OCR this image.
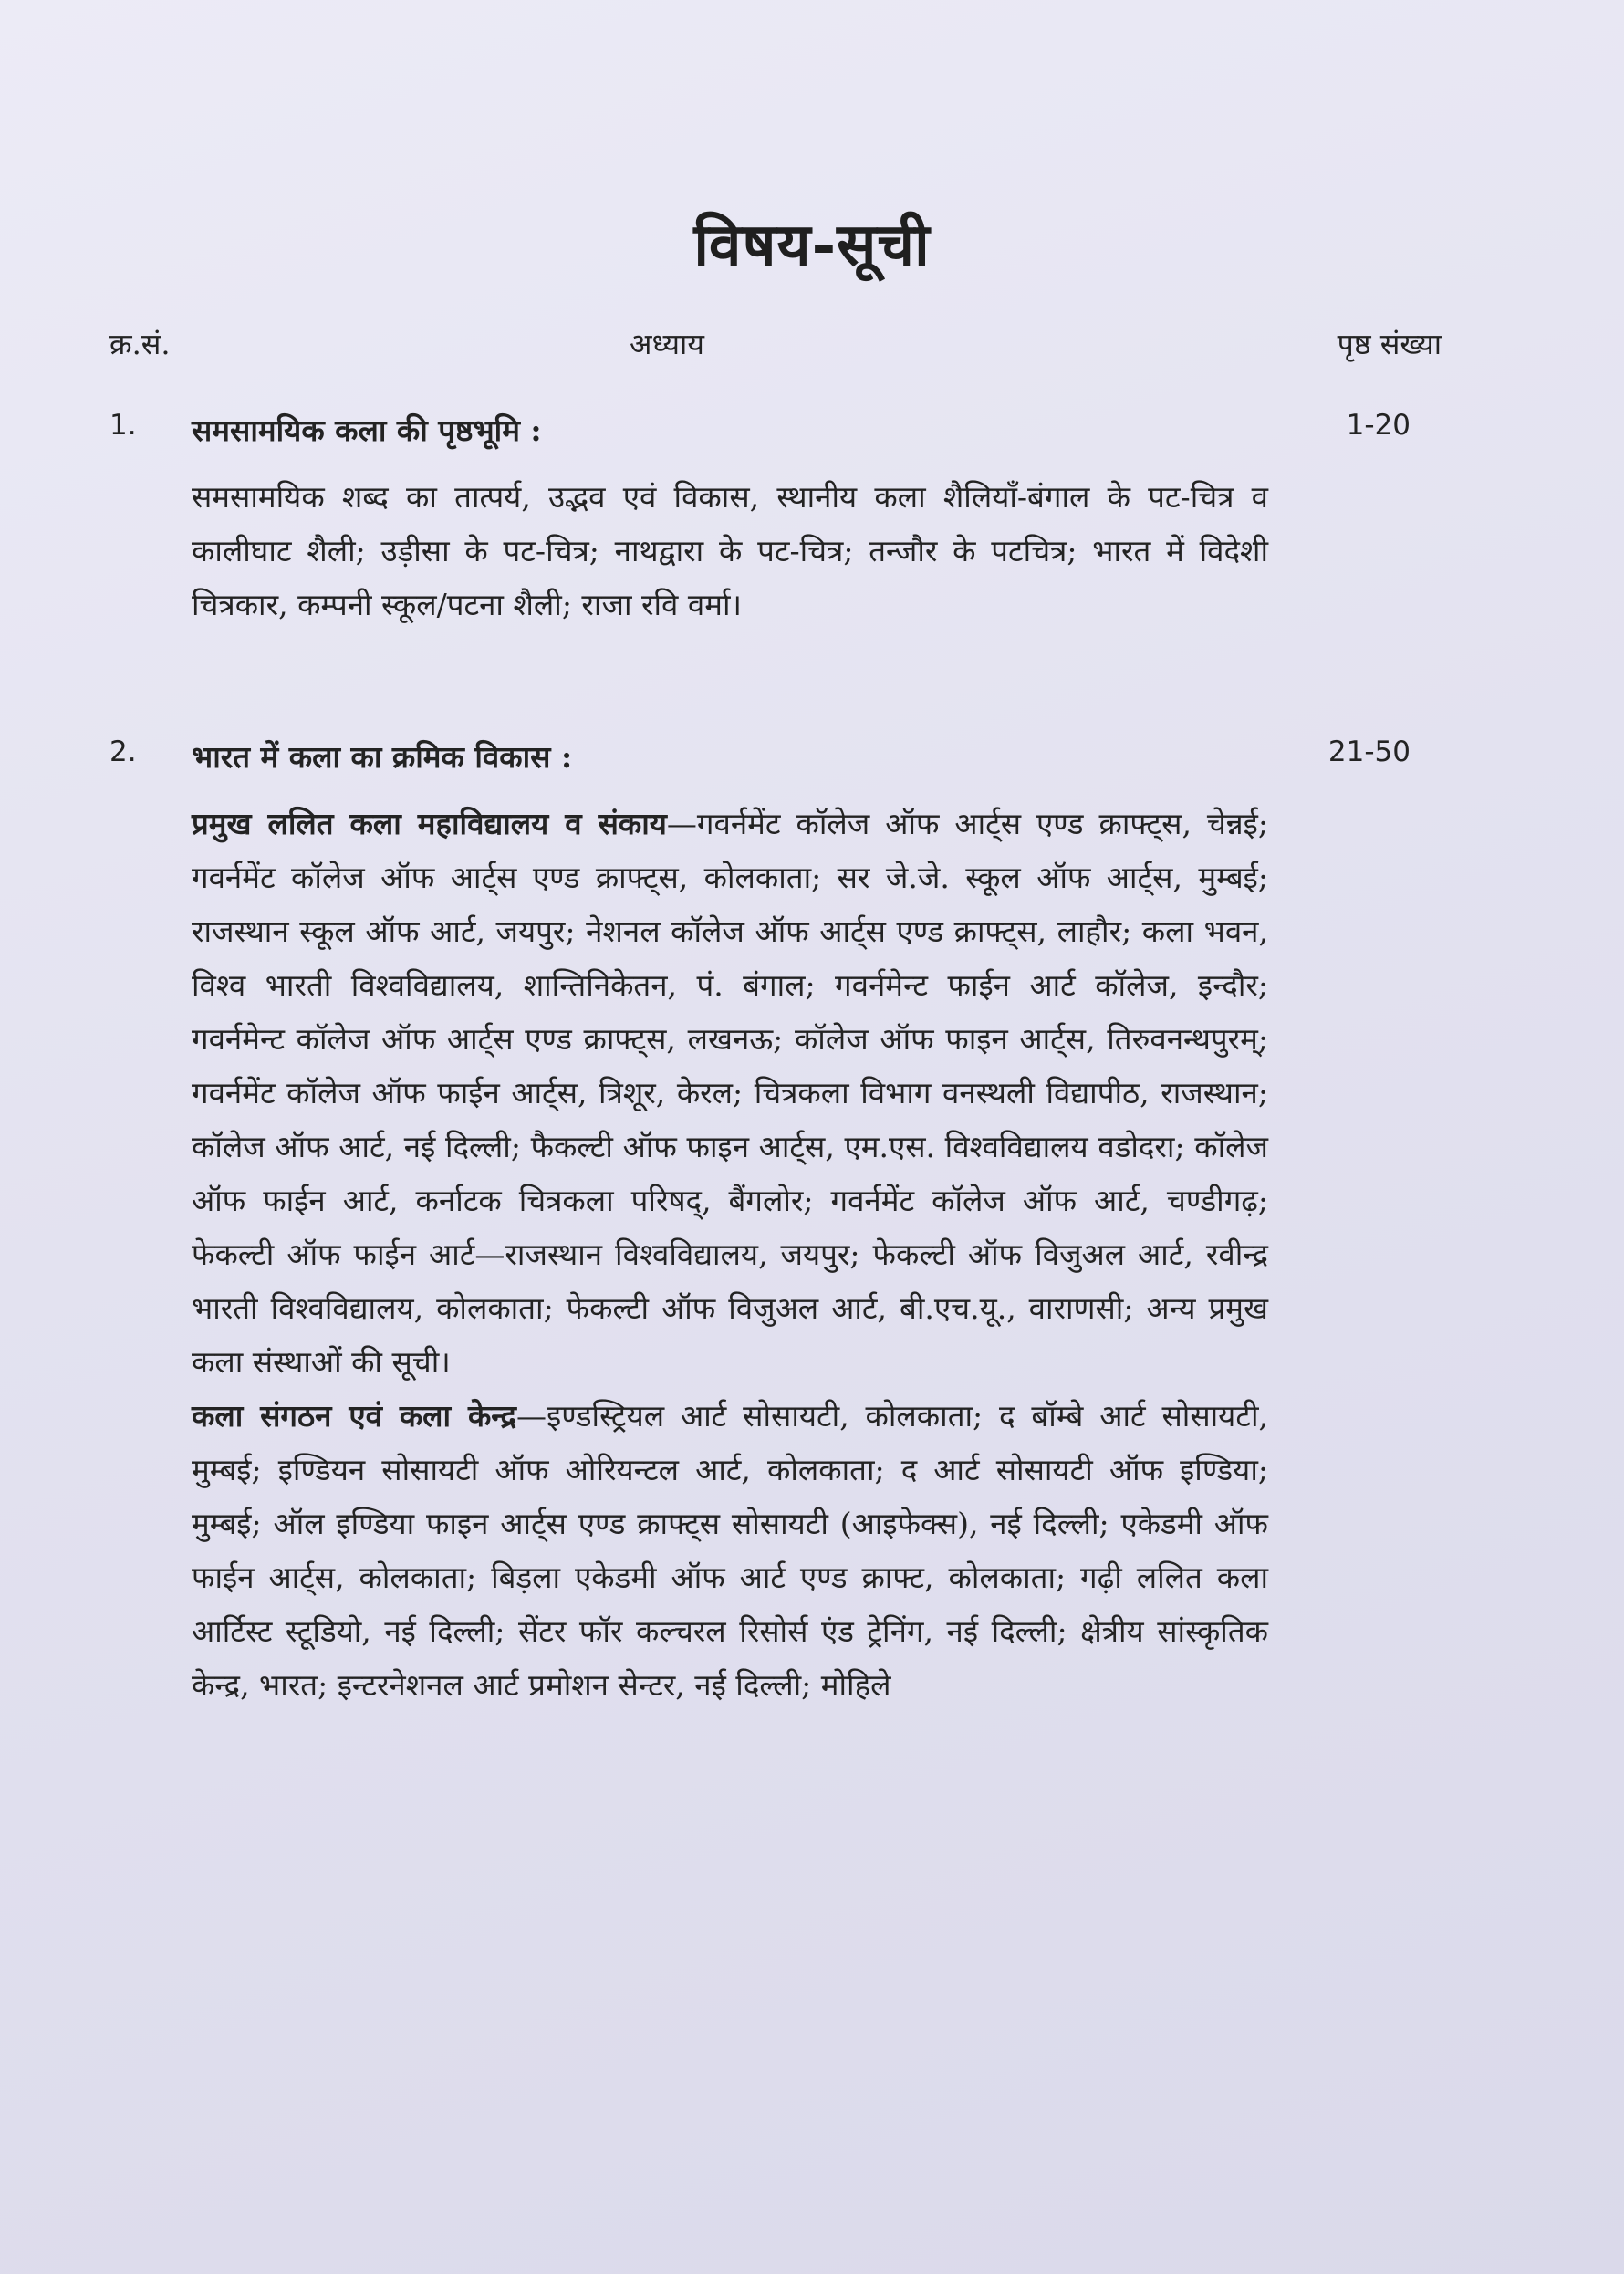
विषय-सूची
क्र.सं.	अध्याय	पृष्ठ संख्या
1. समसामयिक कला की पृष्ठभूमि :	1-20

समसामयिक शब्द का तात्पर्य, उद्भव एवं विकास, स्थानीय कला शैलियाँ-बंगाल के पट-चित्र व कालीघाट शैली; उड़ीसा के पट-चित्र; नाथद्वारा के पट-चित्र; तन्जौर के पटचित्र; भारत में विदेशी चित्रकार, कम्पनी स्कूल/पटना शैली; राजा रवि वर्मा।

2. भारत में कला का क्रमिक विकास :	21-50

प्रमुख ललित कला महाविद्यालय व संकाय—गवर्नमेंट कॉलेज ऑफ आर्ट्स एण्ड क्राफ्ट्स, चेन्नई; गवर्नमेंट कॉलेज ऑफ आर्ट्स एण्ड क्राफ्ट्स, कोलकाता; सर जे.जे. स्कूल ऑफ आर्ट्स, मुम्बई; राजस्थान स्कूल ऑफ आर्ट, जयपुर; नेशनल कॉलेज ऑफ आर्ट्स एण्ड क्राफ्ट्स, लाहौर; कला भवन, विश्व भारती विश्वविद्यालय, शान्तिनिकेतन, पं. बंगाल; गवर्नमेन्ट फाईन आर्ट कॉलेज, इन्दौर; गवर्नमेन्ट कॉलेज ऑफ आर्ट्स एण्ड क्राफ्ट्स, लखनऊ; कॉलेज ऑफ फाइन आर्ट्स, तिरुवनन्थपुरम्; गवर्नमेंट कॉलेज ऑफ फाईन आर्ट्स, त्रिशूर, केरल; चित्रकला विभाग वनस्थली विद्यापीठ, राजस्थान; कॉलेज ऑफ आर्ट, नई दिल्ली; फैकल्टी ऑफ फाइन आर्ट्स, एम.एस. विश्वविद्यालय वडोदरा; कॉलेज ऑफ फाईन आर्ट, कर्नाटक चित्रकला परिषद्, बैंगलोर; गवर्नमेंट कॉलेज ऑफ आर्ट, चण्डीगढ़; फेकल्टी ऑफ फाईन आर्ट—राजस्थान विश्वविद्यालय, जयपुर; फेकल्टी ऑफ विजुअल आर्ट, रवीन्द्र भारती विश्वविद्यालय, कोलकाता; फेकल्टी ऑफ विजुअल आर्ट, बी.एच.यू., वाराणसी; अन्य प्रमुख कला संस्थाओं की सूची।

कला संगठन एवं कला केन्द्र—इण्डस्ट्रियल आर्ट सोसायटी, कोलकाता; द बॉम्बे आर्ट सोसायटी, मुम्बई; इण्डियन सोसायटी ऑफ ओरियन्टल आर्ट, कोलकाता; द आर्ट सोसायटी ऑफ इण्डिया; मुम्बई; ऑल इण्डिया फाइन आर्ट्स एण्ड क्राफ्ट्स सोसायटी (आइफेक्स), नई दिल्ली; एकेडमी ऑफ फाईन आर्ट्स, कोलकाता; बिड़ला एकेडमी ऑफ आर्ट एण्ड क्राफ्ट, कोलकाता; गढ़ी ललित कला आर्टिस्ट स्टूडियो, नई दिल्ली; सेंटर फॉर कल्चरल रिसोर्स एंड ट्रेनिंग, नई दिल्ली; क्षेत्रीय सांस्कृतिक केन्द्र, भारत; इन्टरनेशनल आर्ट प्रमोशन सेन्टर, नई दिल्ली; मोहिले
